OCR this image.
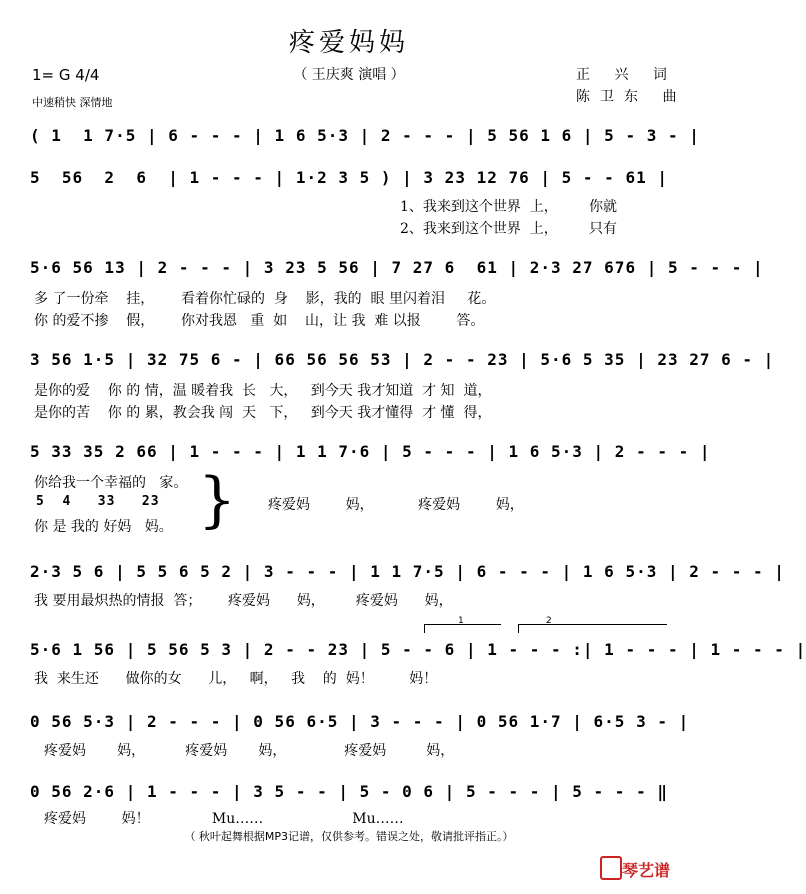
疼爱妈妈
（ 王庆爽 演唱 ）	正 兴 词
陈卫东 曲
1= G 4/4
中速稍快 深情地
( 1  1 7·5 | 6 - - - | 1 6 5·3 | 2 - - - | 5 56 1 6 | 5 - 3 - |
5  56  2  6  | 1 - - - | 1·2 3 5 ) | 3 23 12 76 | 5 - - 61 |
1、我来到这个世界  上，       你就
2、我来到这个世界  上，       只有
5·6 56 13 | 2 - - - | 3 23 5 56 | 7 27 6  61 | 2·3 27 676 | 5 - - - |
多 了一份牵    挂，      看着你忙碌的  身    影，我的  眼 里闪着泪     花。
你 的爱不掺    假，      你对我恩   重  如    山，让 我  难 以报        答。
3 56 1·5 | 32 75 6 - | 66 56 56 53 | 2 - - 23 | 5·6 5 35 | 23 27 6 - |
是你的爱    你 的 情，温 暖着我  长   大，   到今天 我才知道  才 知  道，
是你的苦    你 的 累，教会我 闯  天   下，   到今天 我才懂得  才 懂  得，
5 33 35 2 66 | 1 - - - | 1 1 7·6 | 5 - - - | 1 6 5·3 | 2 - - - |
你给我一个幸福的   家。
5  4   33   23
你 是 我的 好妈   妈。 } 疼爱妈        妈，          疼爱妈        妈，
2·3 5 6 | 5 5 6 5 2 | 3 - - - | 1 1 7·5 | 6 - - - | 1 6 5·3 | 2 - - - |
我 要用最炽热的情报  答；      疼爱妈      妈，       疼爱妈      妈，
1	2
5·6 1 56 | 5 56 5 3 | 2 - - 23 | 5 - - 6 | 1 - - - :| 1 - - - | 1 - - - |
我  来生还      做你的女      儿，   啊，   我    的  妈！        妈！
0 56 5·3 | 2 - - - | 0 56 6·5 | 3 - - - | 0 56 1·7 | 6·5 3 - |
疼爱妈       妈，         疼爱妈       妈，             疼爱妈         妈，
0 56 2·6 | 1 - - - | 3 5 - - | 5 - 0 6 | 5 - - - | 5 - - - ‖
疼爱妈        妈！              Mu……                    Mu……
（ 秋叶起舞根据MP3记谱，仅供参考。错误之处，敬请批评指正。）
琴艺谱
